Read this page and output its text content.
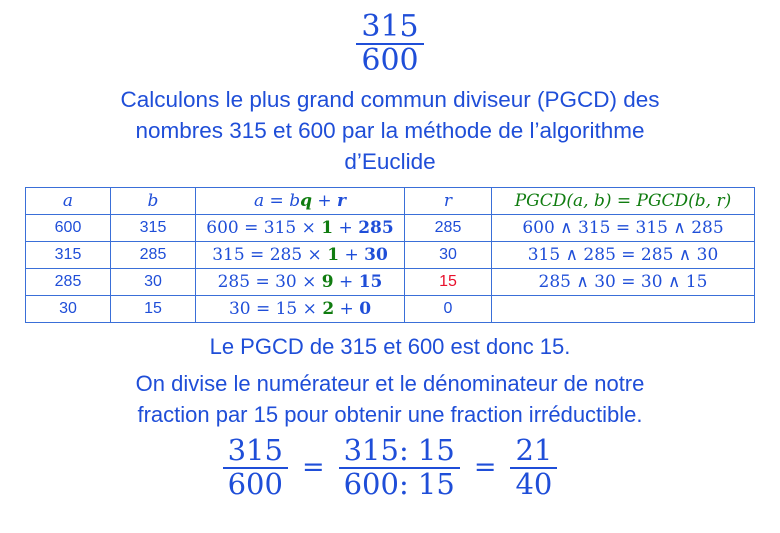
$\frac{315}{600}$
Calculons le plus grand commun diviseur (PGCD) des
nombres 315 et 600 par la méthode de l’algorithme
d’Euclide
a	b	a = bq + r	r	PGCD(a, b) = PGCD(b, r)
600	315	600 = 315 × 1 + 285	285	600 ∧ 315 = 315 ∧ 285
315	285	315 = 285 × 1 + 30	30	315 ∧ 285 = 285 ∧ 30
285	30	285 = 30 × 9 + 15	15	285 ∧ 30 = 30 ∧ 15
30	15	30 = 15 × 2 + 0	0	
Le PGCD de 315 et 600 est donc 15.
On divise le numérateur et le dénominateur de notre
fraction par 15 pour obtenir une fraction irréductible.
$\frac{315}{600} = \frac{315: 15}{600: 15} = \frac{21}{40}$
